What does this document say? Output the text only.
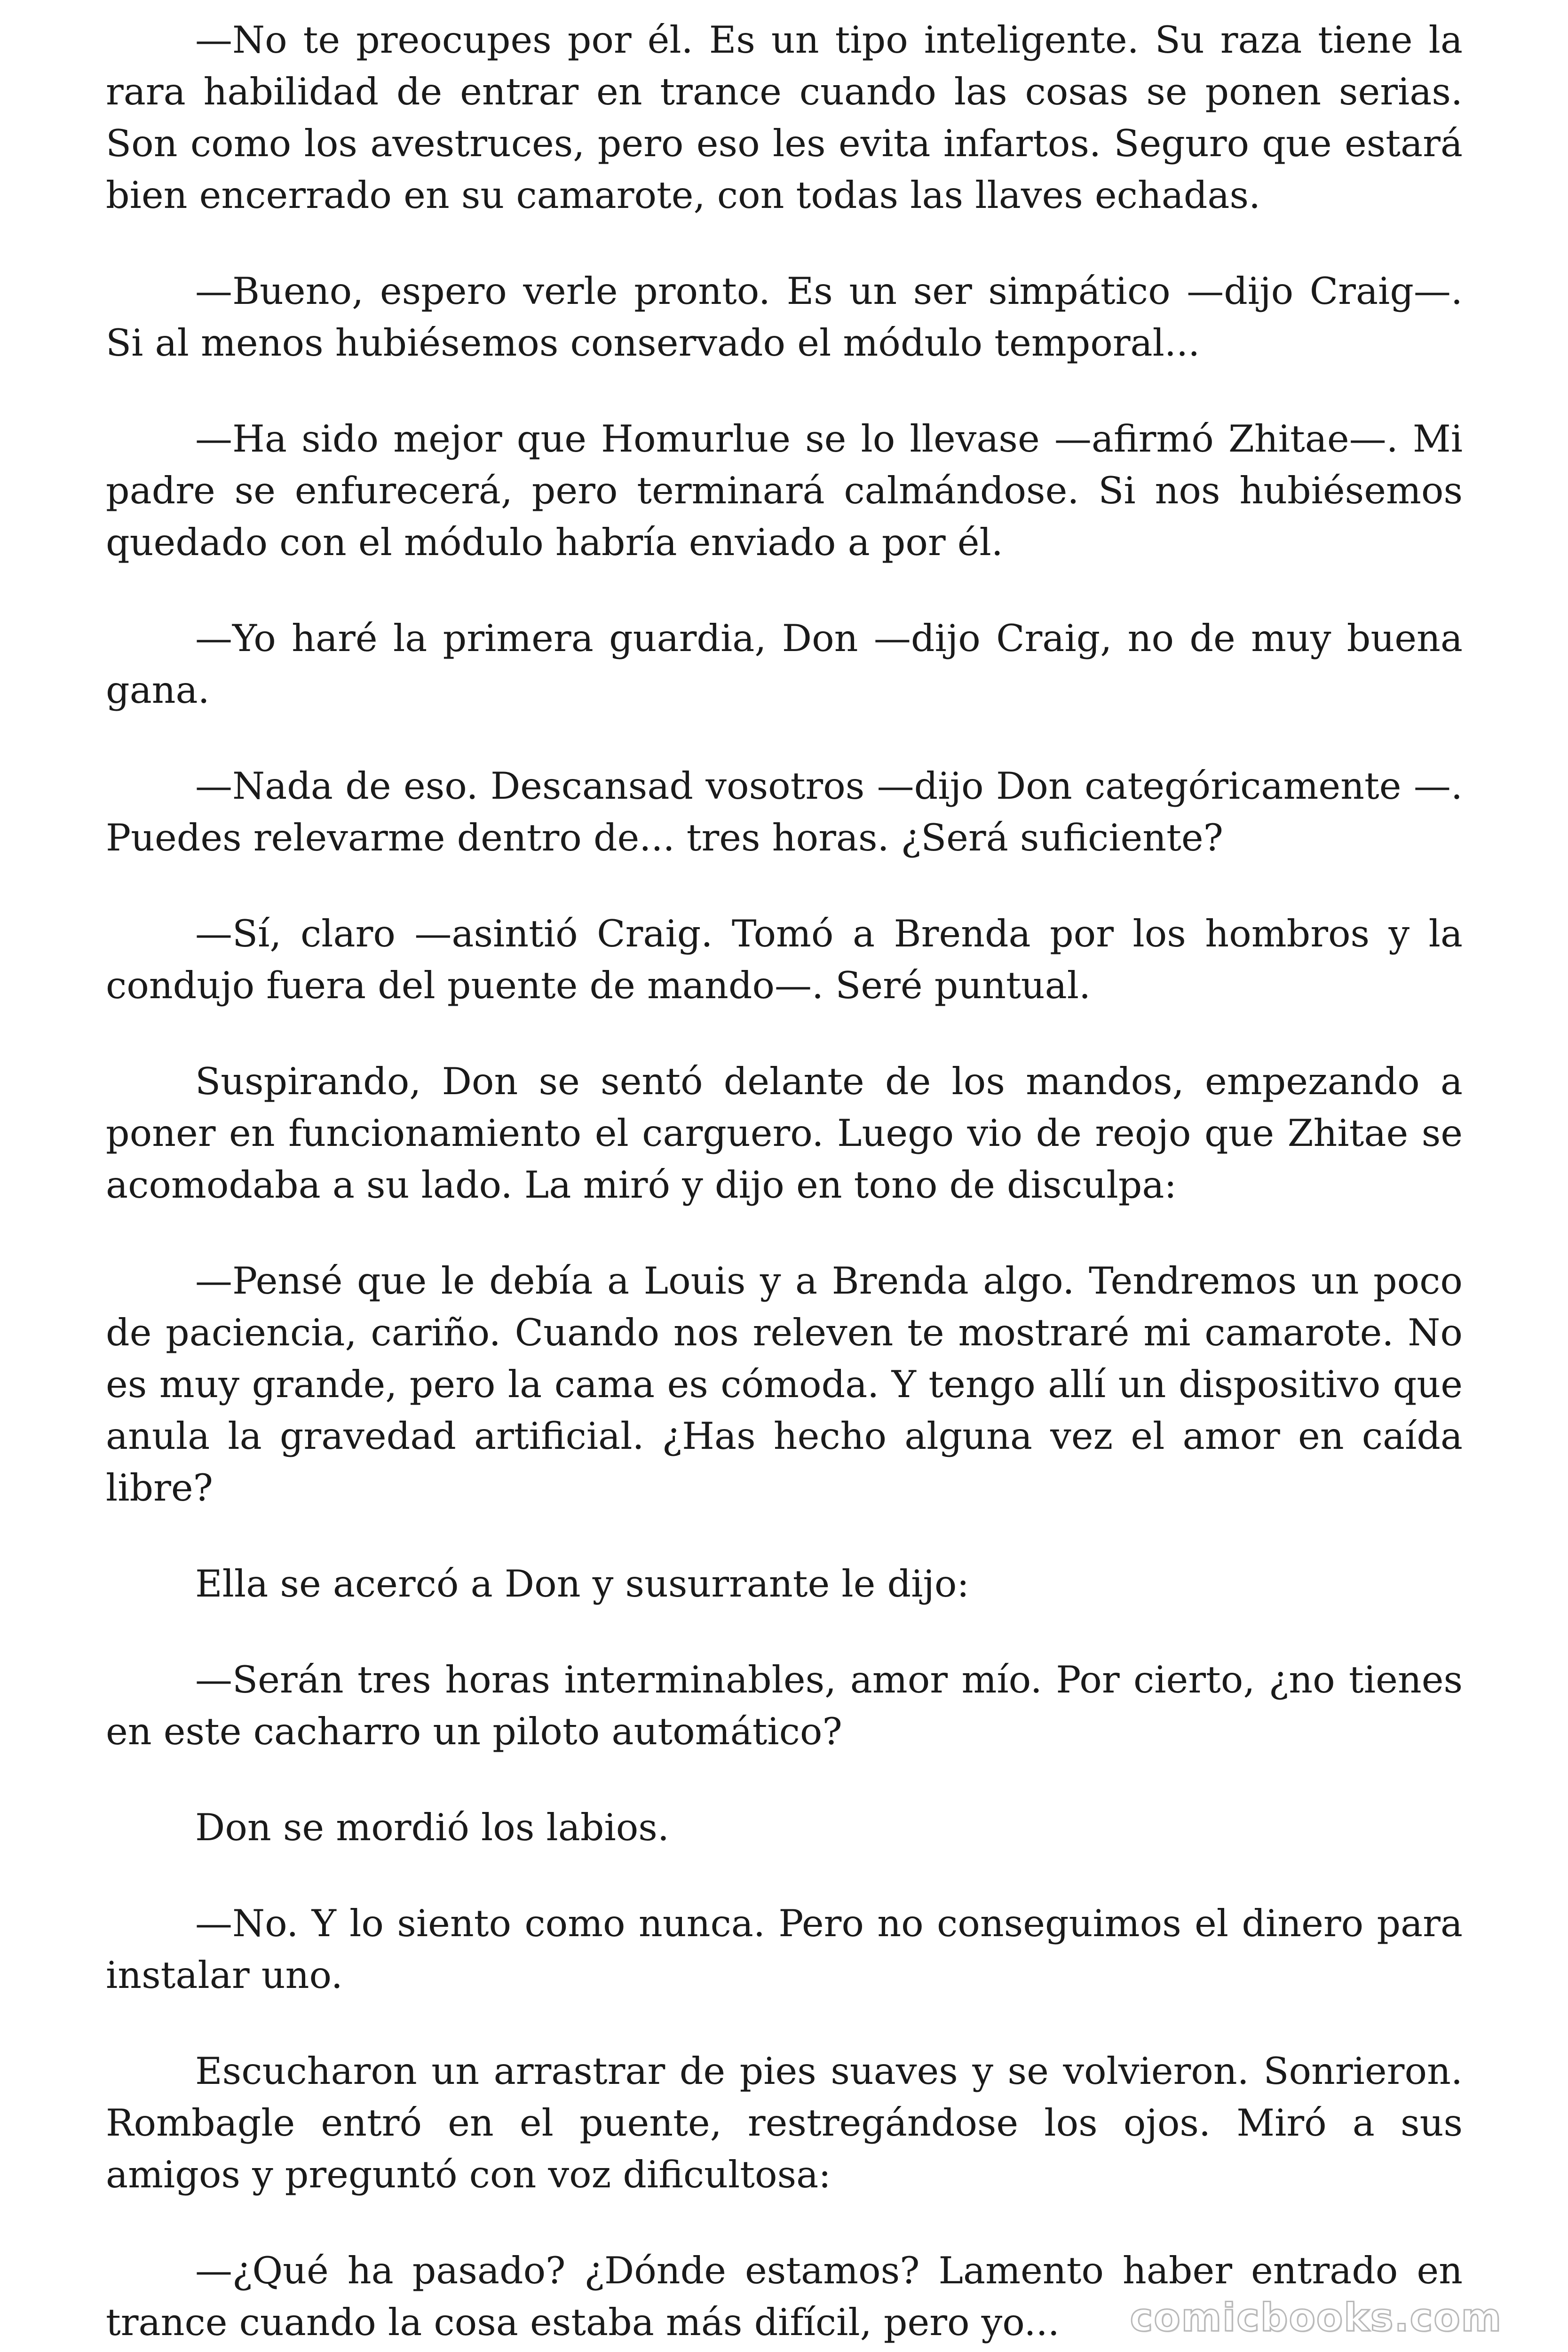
—No te preocupes por él. Es un tipo inteligente. Su raza tiene la rara habilidad de entrar en trance cuando las cosas se ponen serias. Son como los avestruces, pero eso les evita infartos. Seguro que estará bien encerrado en su camarote, con todas las llaves echadas.

—Bueno, espero verle pronto. Es un ser simpático —dijo Craig—. Si al menos hubiésemos conservado el módulo temporal...

—Ha sido mejor que Homurlue se lo llevase —afirmó Zhitae—. Mi padre se enfurecerá, pero terminará calmándose. Si nos hubiésemos quedado con el módulo habría enviado a por él.

—Yo haré la primera guardia, Don —dijo Craig, no de muy buena gana.

—Nada de eso. Descansad vosotros —dijo Don categóricamente —. Puedes relevarme dentro de... tres horas. ¿Será suficiente?

—Sí, claro —asintió Craig. Tomó a Brenda por los hombros y la condujo fuera del puente de mando—. Seré puntual.

Suspirando, Don se sentó delante de los mandos, empezando a poner en funcionamiento el carguero. Luego vio de reojo que Zhitae se acomodaba a su lado. La miró y dijo en tono de disculpa:

—Pensé que le debía a Louis y a Brenda algo. Tendremos un poco de paciencia, cariño. Cuando nos releven te mostraré mi camarote. No es muy grande, pero la cama es cómoda. Y tengo allí un dispositivo que anula la gravedad artificial. ¿Has hecho alguna vez el amor en caída libre?

Ella se acercó a Don y susurrante le dijo:

—Serán tres horas interminables, amor mío. Por cierto, ¿no tienes en este cacharro un piloto automático?

Don se mordió los labios.

—No. Y lo siento como nunca. Pero no conseguimos el dinero para instalar uno.

Escucharon un arrastrar de pies suaves y se volvieron. Sonrieron. Rombagle entró en el puente, restregándose los ojos. Miró a sus amigos y preguntó con voz dificultosa:

—¿Qué ha pasado? ¿Dónde estamos? Lamento haber entrado en trance cuando la cosa estaba más difícil, pero yo...	comicbooks.com
